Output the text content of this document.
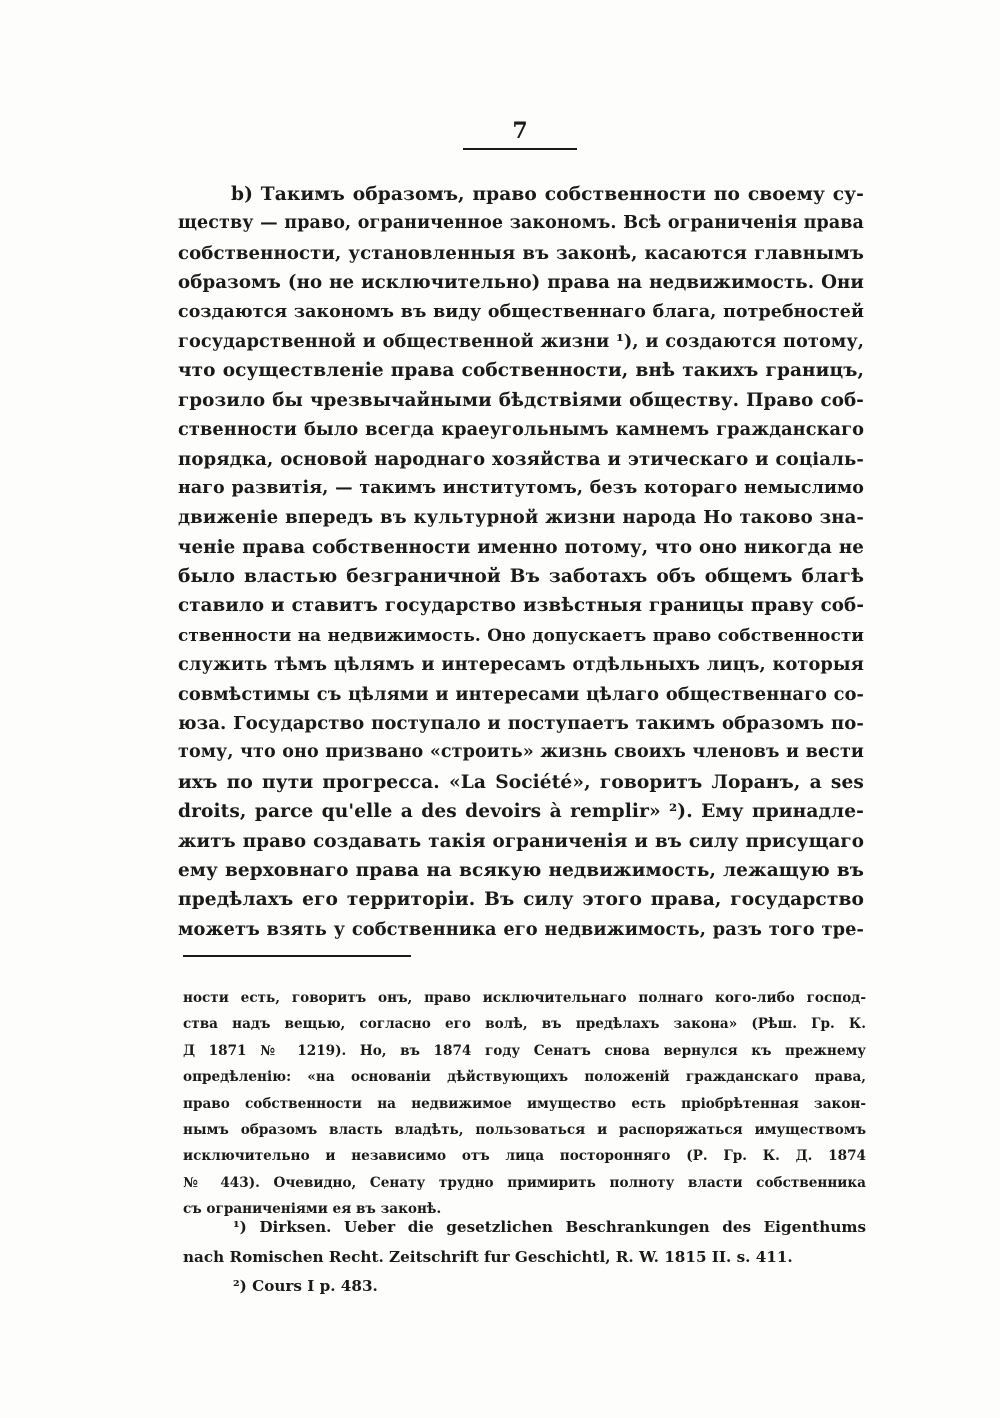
7
b) Такимъ образомъ, право собственности по своему су-
ществу — право, ограниченное закономъ. Всѣ ограниченія права
собственности, установленныя въ законѣ, касаются главнымъ
образомъ (но не исключительно) права на недвижимость. Они
создаются закономъ въ виду общественнаго блага, потребностей
государственной и общественной жизни ¹), и создаются потому,
что осуществленіе права собственности, внѣ такихъ границъ,
грозило бы чрезвычайными бѣдствіями обществу. Право соб-
ственности было всегда краеугольнымъ камнемъ гражданскаго
порядка, основой народнаго хозяйства и этическаго и соціаль-
наго развитія, — такимъ институтомъ, безъ котораго немыслимо
движеніе впередъ въ культурной жизни народа Но таково зна-
ченіе права собственности именно потому, что оно никогда не
было властью безграничной Въ заботахъ объ общемъ благѣ
ставило и ставитъ государство извѣстныя границы праву соб-
ственности на недвижимость. Оно допускаетъ право собственности
служить тѣмъ цѣлямъ и интересамъ отдѣльныхъ лицъ, которыя
совмѣстимы съ цѣлями и интересами цѣлаго общественнаго со-
юза. Государство поступало и поступаетъ такимъ образомъ по-
тому, что оно призвано «строить» жизнь своихъ членовъ и вести
ихъ по пути прогресса. «La Société», говоритъ Лоранъ, a ses
droits, parce qu'elle a des devoirs à remplir» ²). Ему принадле-
житъ право создавать такія ограниченія и въ силу присущаго
ему верховнаго права на всякую недвижимость, лежащую въ
предѣлахъ его территоріи. Въ силу этого права, государство
можетъ взять у собственника его недвижимость, разъ того тре-
ности есть, говоритъ онъ, право исключительнаго полнаго кого-либо господ-
ства надъ вещью, согласно его волѣ, въ предѣлахъ закона» (Рѣш. Гр. К.
Д 1871 № 1219). Но, въ 1874 году Сенатъ снова вернулся къ прежнему
опредѣленію: «на основаніи дѣйствующихъ положеній гражданскаго права,
право собственности на недвижимое имущество есть пріобрѣтенная закон-
нымъ образомъ власть владѣть, пользоваться и распоряжаться имуществомъ
исключительно и независимо отъ лица посторонняго (Р. Гр. К. Д. 1874
№ 443). Очевидно, Сенату трудно примирить полноту власти собственника
съ ограниченіями ея въ законѣ.
¹) Dirksen. Ueber die gesetzlichen Beschrankungen des Eigenthums
nach Romischen Recht. Zeitschrift fur Geschichtl, R. W. 1815 II. s. 411.
²) Cours I p. 483.
